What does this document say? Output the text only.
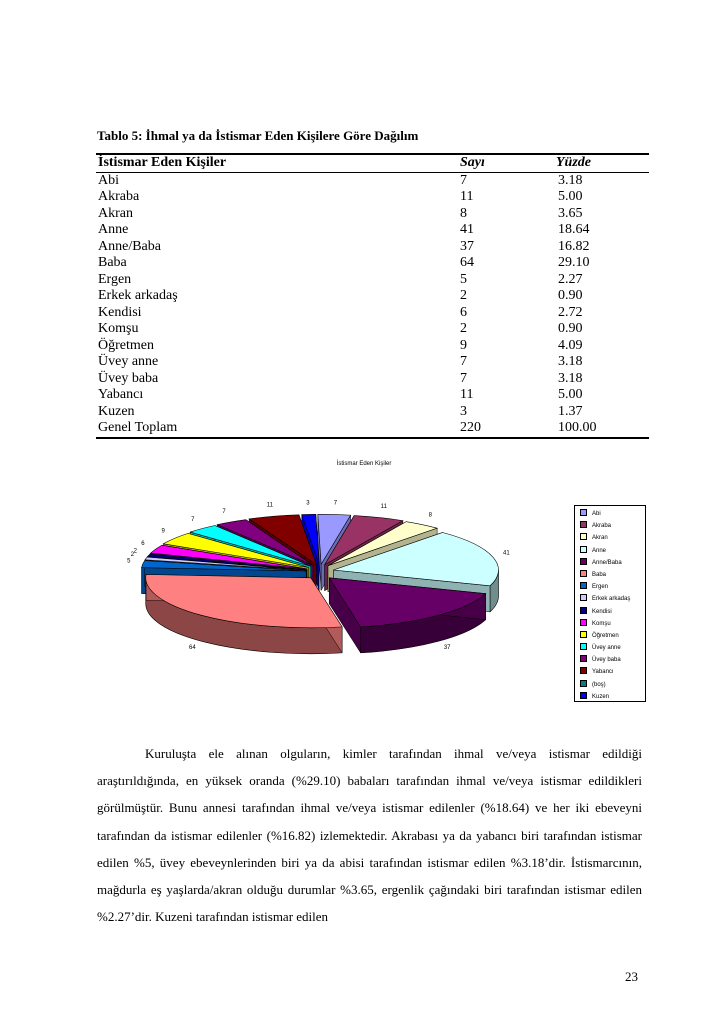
Tablo 5: İhmal ya da İstismar Eden Kişilere Göre Dağılım
İstismar Eden Kişiler	Sayı	Yüzde
Abi	7	3.18
Akraba	11	5.00
Akran	8	3.65
Anne	41	18.64
Anne/Baba	37	16.82
Baba	64	29.10
Ergen	5	2.27
Erkek arkadaş	2	0.90
Kendisi	6	2.72
Komşu	2	0.90
Öğretmen	9	4.09
Üvey anne	7	3.18
Üvey baba	7	3.18
Yabancı	11	5.00
Kuzen	3	1.37
Genel Toplam	220	100.00
İstismar Eden Kişiler
7
11
8
41
37
64
5
2
2
6
9
7
7
11	3
Abi
Akraba
Akran
Anne
Anne/Baba
Baba
Ergen
Erkek arkadaş
Kendisi
Komşu
Öğretmen
Üvey anne
Üvey baba
Yabancı
(boş)
Kuzen

Kuruluşta ele alınan olguların, kimler tarafından ihmal ve/veya istismar edildiği araştırıldığında, en yüksek oranda (%29.10) babaları tarafından ihmal ve/veya istismar edildikleri görülmüştür. Bunu annesi tarafından ihmal ve/veya istismar edilenler (%18.64) ve her iki ebeveyni tarafından da istismar edilenler (%16.82) izlemektedir. Akrabası ya da yabancı biri tarafından istismar edilen %5, üvey ebeveynlerinden biri ya da abisi tarafından istismar edilen %3.18’dir. İstismarcının, mağdurla eş yaşlarda/akran olduğu durumlar %3.65, ergenlik çağındaki biri tarafından istismar edilen %2.27’dir. Kuzeni tarafından istismar edilen

23
